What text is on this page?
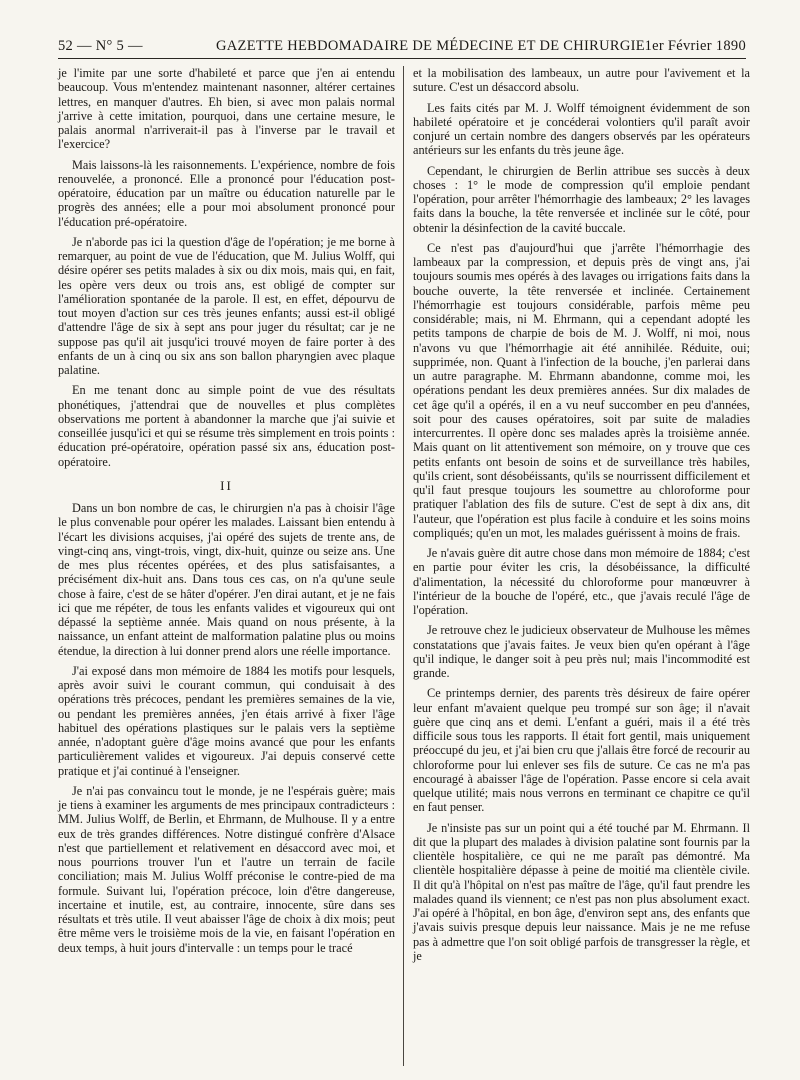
52 — N° 5 —	GAZETTE HEBDOMADAIRE DE MÉDECINE ET DE CHIRURGIE 1er Février 1890

je l'imite par une sorte d'habileté et parce que j'en ai entendu beaucoup. Vous m'entendez maintenant nasonner, altérer certaines lettres, en manquer d'autres. Eh bien, si avec mon palais normal j'arrive à cette imitation, pourquoi, dans une certaine mesure, le palais anormal n'arriverait-il pas à l'inverse par le travail et l'exercice?

Mais laissons-là les raisonnements. L'expérience, nombre de fois renouvelée, a prononcé. Elle a prononcé pour l'éducation post-opératoire, éducation par un maître ou éducation naturelle par le progrès des années; elle a pour moi absolument prononcé pour l'éducation pré-opératoire.

Je n'aborde pas ici la question d'âge de l'opération; je me borne à remarquer, au point de vue de l'éducation, que M. Julius Wolff, qui désire opérer ses petits malades à six ou dix mois, mais qui, en fait, les opère vers deux ou trois ans, est obligé de compter sur l'amélioration spontanée de la parole. Il est, en effet, dépourvu de tout moyen d'action sur ces très jeunes enfants; aussi est-il obligé d'attendre l'âge de six à sept ans pour juger du résultat; car je ne suppose pas qu'il ait jusqu'ici trouvé moyen de faire porter à des enfants de un à cinq ou six ans son ballon pharyngien avec plaque palatine.

En me tenant donc au simple point de vue des résultats phonétiques, j'attendrai que de nouvelles et plus complètes observations me portent à abandonner la marche que j'ai suivie et conseillée jusqu'ici et qui se résume très simplement en trois points : éducation pré-opératoire, opération passé six ans, éducation post-opératoire.

II

Dans un bon nombre de cas, le chirurgien n'a pas à choisir l'âge le plus convenable pour opérer les malades. Laissant bien entendu à l'écart les divisions acquises, j'ai opéré des sujets de trente ans, de vingt-cinq ans, vingt-trois, vingt, dix-huit, quinze ou seize ans. Une de mes plus récentes opérées, et des plus satisfaisantes, a précisément dix-huit ans. Dans tous ces cas, on n'a qu'une seule chose à faire, c'est de se hâter d'opérer. J'en dirai autant, et je ne fais ici que me répéter, de tous les enfants valides et vigoureux qui ont dépassé la septième année. Mais quand on nous présente, à la naissance, un enfant atteint de malformation palatine plus ou moins étendue, la direction à lui donner prend alors une réelle importance.

J'ai exposé dans mon mémoire de 1884 les motifs pour lesquels, après avoir suivi le courant commun, qui conduisait à des opérations très précoces, pendant les premières semaines de la vie, ou pendant les premières années, j'en étais arrivé à fixer l'âge habituel des opérations plastiques sur le palais vers la septième année, n'adoptant guère d'âge moins avancé que pour les enfants particulièrement valides et vigoureux. J'ai depuis conservé cette pratique et j'ai continué à l'enseigner.

Je n'ai pas convaincu tout le monde, je ne l'espérais guère; mais je tiens à examiner les arguments de mes principaux contradicteurs : MM. Julius Wolff, de Berlin, et Ehrmann, de Mulhouse. Il y a entre eux de très grandes différences. Notre distingué confrère d'Alsace n'est que partiellement et relativement en désaccord avec moi, et nous pourrions trouver l'un et l'autre un terrain de facile conciliation; mais M. Julius Wolff préconise le contre-pied de ma formule. Suivant lui, l'opération précoce, loin d'être dangereuse, incertaine et inutile, est, au contraire, innocente, sûre dans ses résultats et très utile. Il veut abaisser l'âge de choix à dix mois; peut être même vers le troisième mois de la vie, en faisant l'opération en deux temps, à huit jours d'intervalle : un temps pour le tracé

et la mobilisation des lambeaux, un autre pour l'avivement et la suture. C'est un désaccord absolu.

Les faits cités par M. J. Wolff témoignent évidemment de son habileté opératoire et je concéderai volontiers qu'il paraît avoir conjuré un certain nombre des dangers observés par les opérateurs antérieurs sur les enfants du très jeune âge.

Cependant, le chirurgien de Berlin attribue ses succès à deux choses : 1° le mode de compression qu'il emploie pendant l'opération, pour arrêter l'hémorrhagie des lambeaux; 2° les lavages faits dans la bouche, la tête renversée et inclinée sur le côté, pour obtenir la désinfection de la cavité buccale.

Ce n'est pas d'aujourd'hui que j'arrête l'hémorrhagie des lambeaux par la compression, et depuis près de vingt ans, j'ai toujours soumis mes opérés à des lavages ou irrigations faits dans la bouche ouverte, la tête renversée et inclinée. Certainement l'hémorrhagie est toujours considérable, parfois même peu considérable; mais, ni M. Ehrmann, qui a cependant adopté les petits tampons de charpie de bois de M. J. Wolff, ni moi, nous n'avons vu que l'hémorrhagie ait été annihilée. Réduite, oui; supprimée, non. Quant à l'infection de la bouche, j'en parlerai dans un autre paragraphe. M. Ehrmann abandonne, comme moi, les opérations pendant les deux premières années. Sur dix malades de cet âge qu'il a opérés, il en a vu neuf succomber en peu d'années, soit pour des causes opératoires, soit par suite de maladies intercurrentes. Il opère donc ses malades après la troisième année. Mais quant on lit attentivement son mémoire, on y trouve que ces petits enfants ont besoin de soins et de surveillance très habiles, qu'ils crient, sont désobéissants, qu'ils se nourrissent difficilement et qu'il faut presque toujours les soumettre au chloroforme pour pratiquer l'ablation des fils de suture. C'est de sept à dix ans, dit l'auteur, que l'opération est plus facile à conduire et les soins moins compliqués; qu'en un mot, les malades guérissent à moins de frais.

Je n'avais guère dit autre chose dans mon mémoire de 1884; c'est en partie pour éviter les cris, la désobéissance, la difficulté d'alimentation, la nécessité du chloroforme pour manœuvrer à l'intérieur de la bouche de l'opéré, etc., que j'avais reculé l'âge de l'opération.

Je retrouve chez le judicieux observateur de Mulhouse les mêmes constatations que j'avais faites. Je veux bien qu'en opérant à l'âge qu'il indique, le danger soit à peu près nul; mais l'incommodité est grande.

Ce printemps dernier, des parents très désireux de faire opérer leur enfant m'avaient quelque peu trompé sur son âge; il n'avait guère que cinq ans et demi. L'enfant a guéri, mais il a été très difficile sous tous les rapports. Il était fort gentil, mais uniquement préoccupé du jeu, et j'ai bien cru que j'allais être forcé de recourir au chloroforme pour lui enlever ses fils de suture. Ce cas ne m'a pas encouragé à abaisser l'âge de l'opération. Passe encore si cela avait quelque utilité; mais nous verrons en terminant ce chapitre ce qu'il en faut penser.

Je n'insiste pas sur un point qui a été touché par M. Ehrmann. Il dit que la plupart des malades à division palatine sont fournis par la clientèle hospitalière, ce qui ne me paraît pas démontré. Ma clientèle hospitalière dépasse à peine de moitié ma clientèle civile. Il dit qu'à l'hôpital on n'est pas maître de l'âge, qu'il faut prendre les malades quand ils viennent; ce n'est pas non plus absolument exact. J'ai opéré à l'hôpital, en bon âge, d'environ sept ans, des enfants que j'avais suivis presque depuis leur naissance. Mais je ne me refuse pas à admettre que l'on soit obligé parfois de transgresser la règle, et je
